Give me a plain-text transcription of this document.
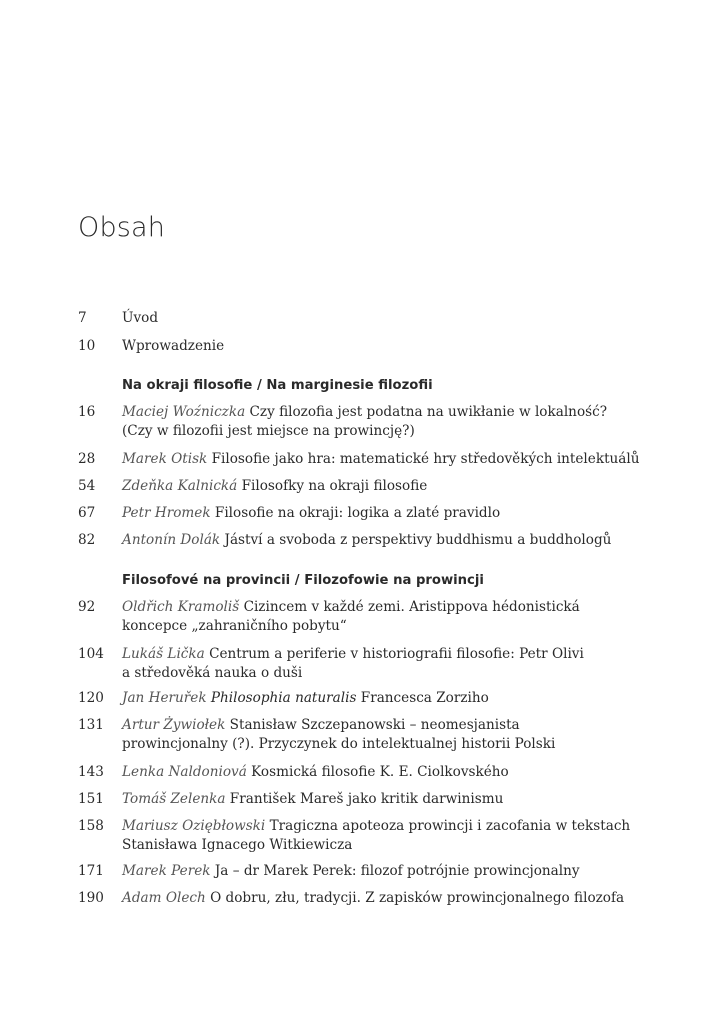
Obsah
7	Úvod
10 Wprowadzenie
Na okraji filosofie / Na marginesie filozofii
16 Maciej Woźniczka Czy filozofia jest podatna na uwikłanie w lokalność?
(Czy w filozofii jest miejsce na prowincję?)
28 Marek Otisk Filosofie jako hra: matematické hry středověkých intelektuálů
54 Zdeňka Kalnická Filosofky na okraji filosofie
67 Petr Hromek Filosofie na okraji: logika a zlaté pravidlo
82 Antonín Dolák Jáství a svoboda z perspektivy buddhismu a buddhologů
Filosofové na provincii / Filozofowie na prowincji
92 Oldřich Kramoliš Cizincem v každé zemi. Aristippova hédonistická
koncepce „zahraničního pobytu“
104 Lukáš Lička Centrum a periferie v historiografii filosofie: Petr Olivi
a středověká nauka o duši
120 Jan Heruřek Philosophia naturalis Francesca Zorziho
131 Artur Żywiołek Stanisław Szczepanowski – neomesjanista
prowincjonalny (?). Przyczynek do intelektualnej historii Polski
143 Lenka Naldoniová Kosmická filosofie K. E. Ciolkovského
151 Tomáš Zelenka František Mareš jako kritik darwinismu
158 Mariusz Oziębłowski Tragiczna apoteoza prowincji i zacofania w tekstach
Stanisława Ignacego Witkiewicza
171 Marek Perek Ja – dr Marek Perek: filozof potrójnie prowincjonalny
190 Adam Olech O dobru, złu, tradycji. Z zapisków prowincjonalnego filozofa
